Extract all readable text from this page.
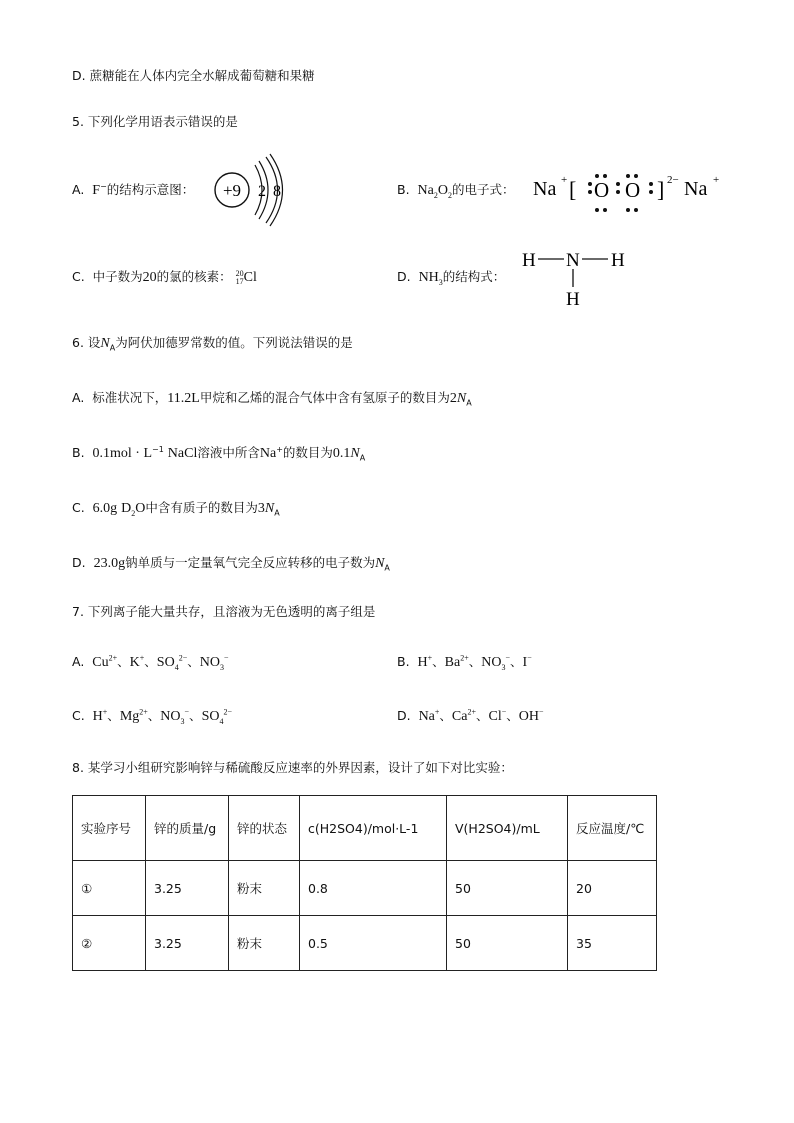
D. 蔗糖能在人体内完全水解成葡萄糖和果糖
5. 下列化学用语表示错误的是
A. F−的结构示意图： +9 2 8	B. $Na_2O_2$的电子式： Na + [ O O ] 2− Na +
C. 中子数为20的氯的核素： 20
17 Cl	D. $NH_3$的结构式：
H N H
H
6. 设$N_A$为阿伏加德罗常数的值。下列说法错误的是
A. 标准状况下，11.2L甲烷和乙烯的混合气体中含有氢原子的数目为$2N_A$
B. $0.1mol \cdot L^{-1}$ NaCl溶液中所含Na+的数目为$0.1N_A$
C. 6.0g $D_2O$中含有质子的数目为$3N_A$
D. 23.0g钠单质与一定量氧气完全反应转移的电子数为$N_A$
7. 下列离子能大量共存，且溶液为无色透明的离子组是
A. $Cu^{2+}$、K+、$SO_4^{2-}$、$NO_3^-$	B. H+、$Ba^{2+}$、$NO_3^-$、I−
C. H+、$Mg^{2+}$、$NO_3^-$、$SO_4^{2-}$	D. Na+、$Ca^{2+}$、Cl−、OH−
8. 某学习小组研究影响锌与稀硫酸反应速率的外界因素，设计了如下对比实验：
实验序号	锌的质量/g	锌的状态	c(H2SO4)/mol·L-1	V(H2SO4)/mL	反应温度/℃
①	3.25	粉末	0.8	50	20
②	3.25	粉末	0.5	50	35
